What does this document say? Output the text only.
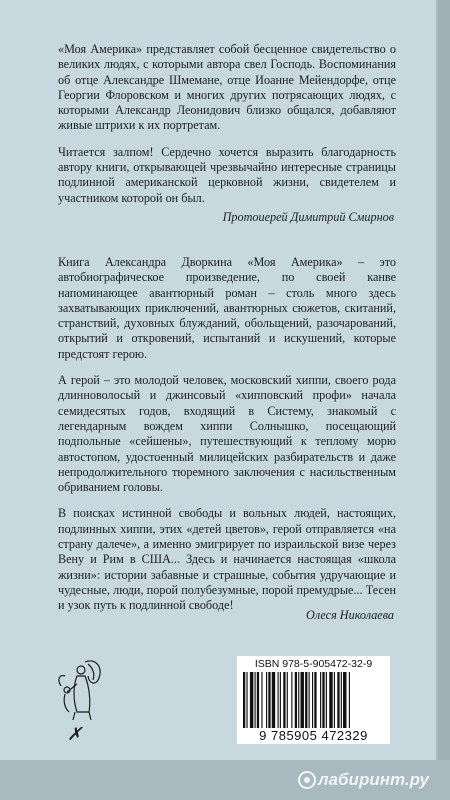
«Моя Америка» представляет собой бесценное свидетельство о великих людях, с которыми автора свел Господь. Воспоминания об отце Александре Шмемане, отце Иоанне Мейендорфе, отце Георгии Флоровском и многих других потрясающих людях, с которыми Александр Леонидович близко общался, добавляют живые штрихи к их портретам.

Читается залпом! Сердечно хочется выразить благодарность автору книги, открывающей чрезвычайно интересные страницы подлинной американской церковной жизни, свидетелем и участником которой он был.

Протоиерей Димитрий Смирнов

Книга Александра Дворкина «Моя Америка» – это автобиографическое произведение, по своей канве напоминающее авантюрный роман – столь много здесь захватывающих приключений, авантюрных сюжетов, скитаний, странствий, духовных блужданий, обольщений, разочарований, открытий и откровений, испытаний и искушений, которые предстоят герою.

А герой – это молодой человек, московский хиппи, своего рода длинноволосый и джинсовый «хипповский профи» начала семидесятых годов, входящий в Систему, знакомый с легендарным вождем хиппи Солнышко, посещающий подпольные «сейшены», путешествующий к теплому морю автостопом, удостоенный милицейских разбирательств и даже непродолжительного тюремного заключения с насильственным обриванием головы.

В поисках истинной свободы и вольных людей, настоящих, подлинных хиппи, этих «детей цветов», герой отправляется «на страну далече», а именно эмигрирует по израильской визе через Вену и Рим в США... Здесь и начинается настоящая «школа жизни»: истории забавные и страшные, события удручающие и чудесные, люди, порой полубезумные, порой премудрые... Тесен и узок путь к подлинной свободе!

Олеся Николаева
✗
ISBN 978-5-905472-32-9
9 785905 472329
лабиринт.ру
